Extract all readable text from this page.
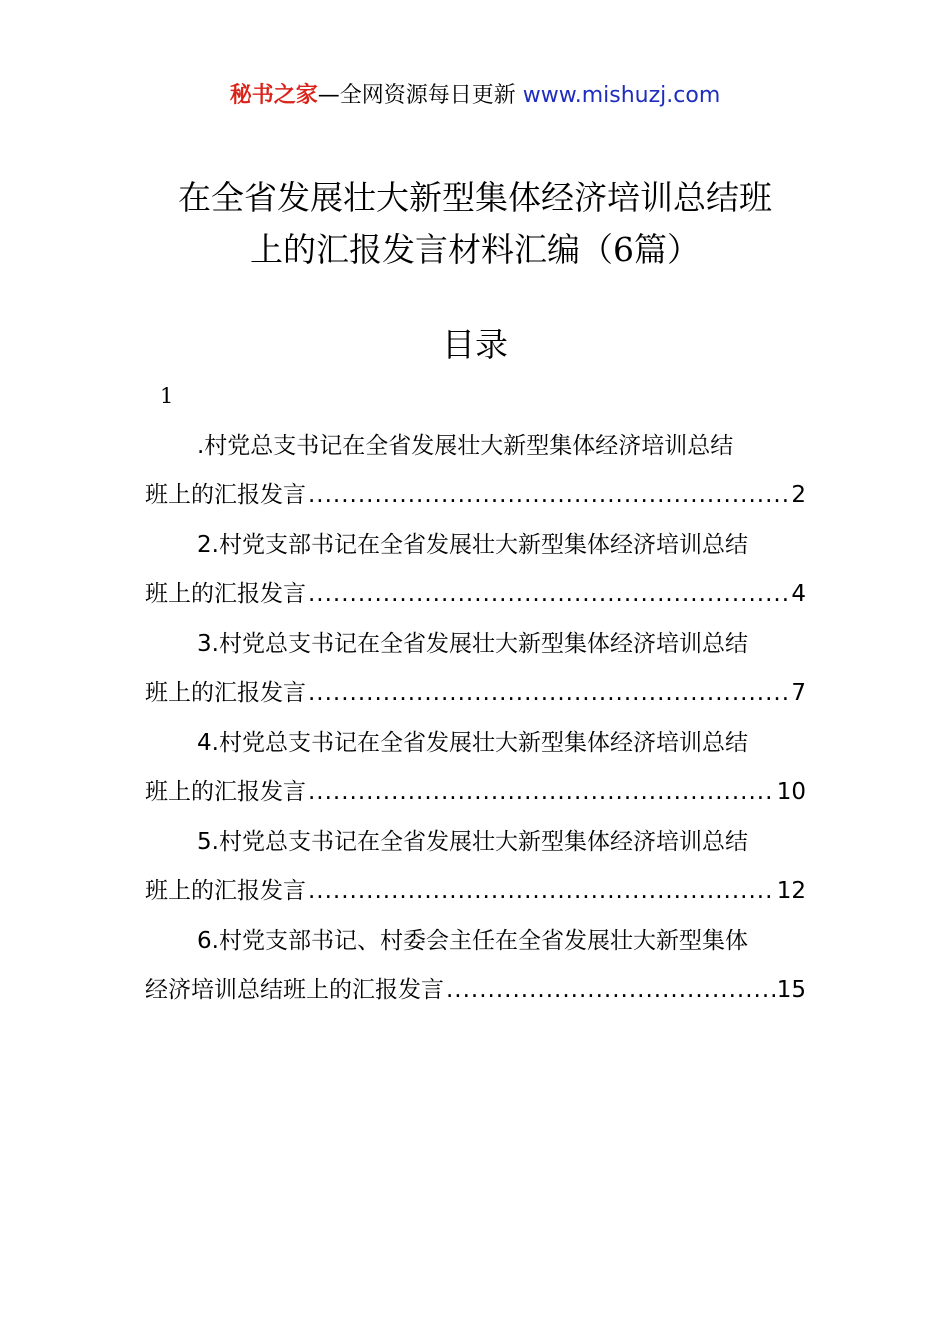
秘书之家—全网资源每日更新 www.mishuzj.com
在全省发展壮大新型集体经济培训总结班
上的汇报发言材料汇编（6篇）
目录
1
.村党总支书记在全省发展壮大新型集体经济培训总结
班上的汇报发言 .....	2
2.村党支部书记在全省发展壮大新型集体经济培训总结
班上的汇报发言 .....	4
3.村党总支书记在全省发展壮大新型集体经济培训总结
班上的汇报发言 .....	7
4.村党总支书记在全省发展壮大新型集体经济培训总结
班上的汇报发言 .....	10
5.村党总支书记在全省发展壮大新型集体经济培训总结
班上的汇报发言 .....	12
6.村党支部书记、村委会主任在全省发展壮大新型集体
经济培训总结班上的汇报发言 .....	15
